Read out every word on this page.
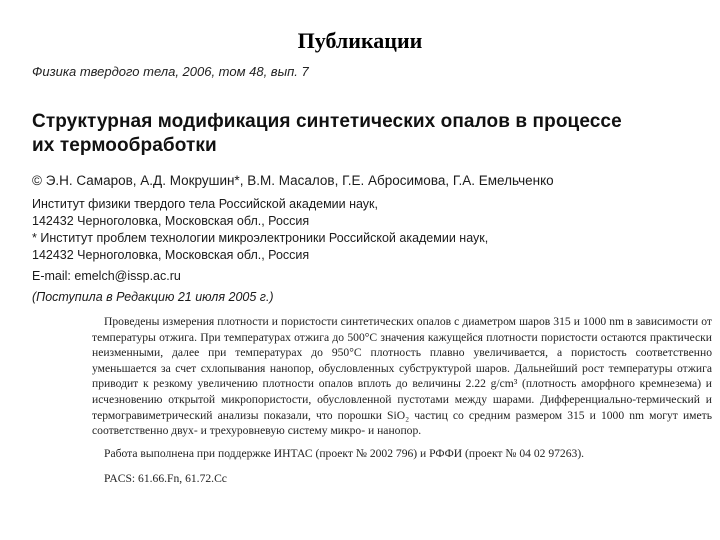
Публикации
Физика твердого тела, 2006, том 48, вып. 7
Структурная модификация синтетических опалов в процессе
их термообработки
© Э.Н. Самаров, А.Д. Мокрушин*, В.М. Масалов, Г.Е. Абросимова, Г.А. Емельченко
Институт физики твердого тела Российской академии наук,
142432 Черноголовка, Московская обл., Россия
* Институт проблем технологии микроэлектроники Российской академии наук,
142432 Черноголовка, Московская обл., Россия
E-mail: emelch@issp.ac.ru
(Поступила в Редакцию 21 июля 2005 г.)
Проведены измерения плотности и пористости синтетических опалов с диаметром шаров 315 и 1000 nm в зависимости от температуры отжига. При температурах отжига до 500°C значения кажущейся плотности пористости остаются практически неизменными, далее при температурах до 950°C плотность плавно увеличивается, а пористость соответственно уменьшается за счет схлопывания нанопор, обусловленных субструктурой шаров. Дальнейший рост температуры отжига приводит к резкому увеличению плотности опалов вплоть до величины 2.22 g/cm³ (плотность аморфного кремнезема) и исчезновению открытой микропористости, обусловленной пустотами между шарами. Дифференциально-термический и термогравиметрический анализы показали, что порошки SiO₂ частиц со средним размером 315 и 1000 nm могут иметь соответственно двух- и трехуровневую систему микро- и нанопор.
Работа выполнена при поддержке ИНТАС (проект № 2002 796) и РФФИ (проект № 04 02 97263).
PACS: 61.66.Fn, 61.72.Cc
